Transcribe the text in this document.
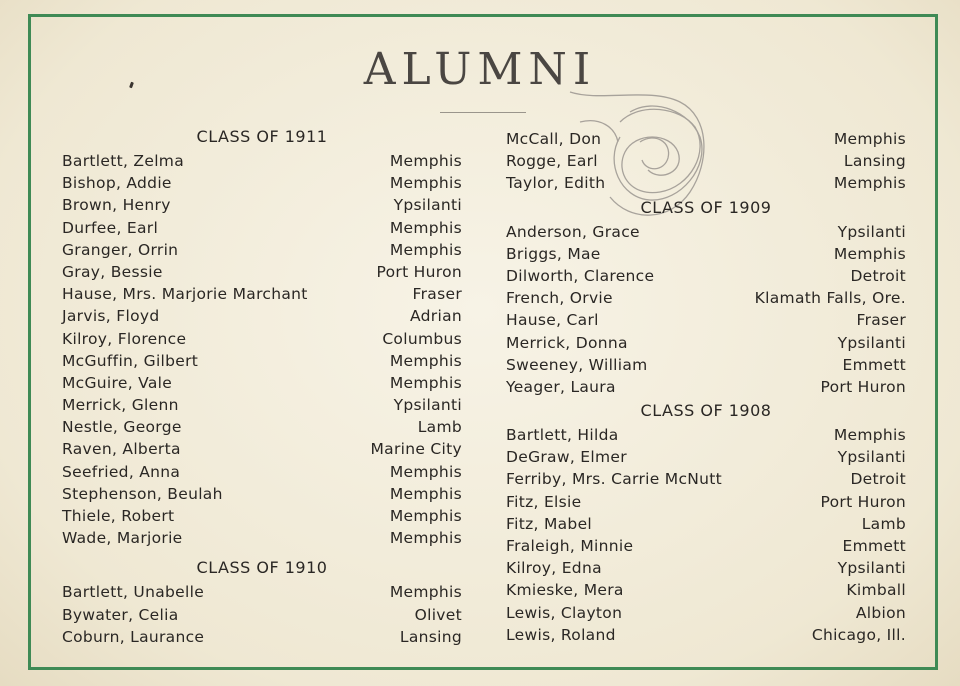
ALUMNI
CLASS OF 1911
Bartlett, Zelma	Memphis
Bishop, Addie	Memphis
Brown, Henry	Ypsilanti
Durfee, Earl	Memphis
Granger, Orrin	Memphis
Gray, Bessie	Port Huron
Hause, Mrs. Marjorie Marchant	Fraser
Jarvis, Floyd	Adrian
Kilroy, Florence	Columbus
McGuffin, Gilbert	Memphis
McGuire, Vale	Memphis
Merrick, Glenn	Ypsilanti
Nestle, George	Lamb
Raven, Alberta	Marine City
Seefried, Anna	Memphis
Stephenson, Beulah	Memphis
Thiele, Robert	Memphis
Wade, Marjorie	Memphis
CLASS OF 1910
Bartlett, Unabelle	Memphis
Bywater, Celia	Olivet
Coburn, Laurance	Lansing
McCall, Don	Memphis
Rogge, Earl	Lansing
Taylor, Edith	Memphis
CLASS OF 1909
Anderson, Grace	Ypsilanti
Briggs, Mae	Memphis
Dilworth, Clarence	Detroit
French, Orvie	Klamath Falls, Ore.
Hause, Carl	Fraser
Merrick, Donna	Ypsilanti
Sweeney, William	Emmett
Yeager, Laura	Port Huron
CLASS OF 1908
Bartlett, Hilda	Memphis
DeGraw, Elmer	Ypsilanti
Ferriby, Mrs. Carrie McNutt	Detroit
Fitz, Elsie	Port Huron
Fitz, Mabel	Lamb
Fraleigh, Minnie	Emmett
Kilroy, Edna	Ypsilanti
Kmieske, Mera	Kimball
Lewis, Clayton	Albion
Lewis, Roland	Chicago, Ill.
